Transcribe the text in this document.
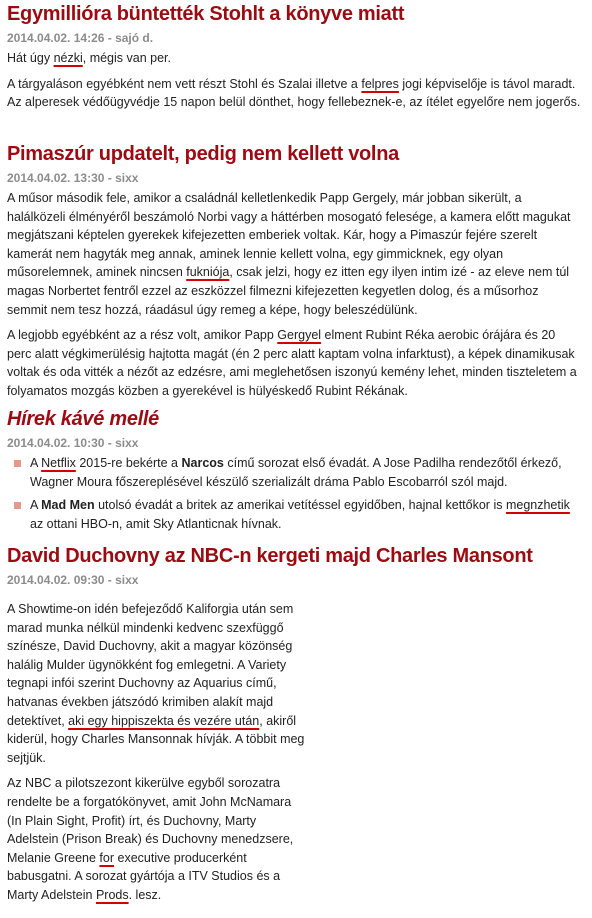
Egymillióra büntették Stohlt a könyve miatt
2014.04.02. 14:26 - sajó d.

Hát úgy nézki, mégis van per.

A tárgyaláson egyébként nem vett részt Stohl és Szalai illetve a felpres jogi képviselője is távol maradt. Az alperesek védőügyvédje 15 napon belül dönthet, hogy fellebeznek-e, az ítélet egyelőre nem jogerős.

Pimaszúr updatelt, pedig nem kellett volna
2014.04.02. 13:30 - sixx

A műsor második fele, amikor a családnál kelletlenkedik Papp Gergely, már jobban sikerült, a halálközeli élményéről beszámoló Norbi vagy a háttérben mosogató felesége, a kamera előtt magukat megjátszani képtelen gyerekek kifejezetten emberiek voltak. Kár, hogy a Pimaszúr fejére szerelt kamerát nem hagyták meg annak, aminek lennie kellett volna, egy gimmicknek, egy olyan műsorelemnek, aminek nincsen fukniója, csak jelzi, hogy ez itten egy ilyen intim izé - az eleve nem túl magas Norbertet fentről ezzel az eszközzel filmezni kifejezetten kegyetlen dolog, és a műsorhoz semmit nem tesz hozzá, ráadásul úgy remeg a képe, hogy beleszédülünk.

A legjobb egyébként az a rész volt, amikor Papp Gergyel elment Rubint Réka aerobic órájára és 20 perc alatt végkimerülésig hajtotta magát (én 2 perc alatt kaptam volna infarktust), a képek dinamikusak voltak és oda vitték a nézőt az edzésre, ami meglehetősen iszonyú kemény lehet, minden tiszteletem a folyamatos mozgás közben a gyerekével is hülyéskedő Rubint Rékának.

Hírek kávé mellé
2014.04.02. 10:30 - sixx
A Netflix 2015-re bekérte a Narcos című sorozat első évadát. A Jose Padilha rendezőtől érkező, Wagner Moura főszereplésével készülő szerializált dráma Pablo Escobarról szól majd.
A Mad Men utolsó évadát a britek az amerikai vetítéssel egyidőben, hajnal kettőkor is megnzhetik az ottani HBO-n, amit Sky Atlanticnak hívnak.
David Duchovny az NBC-n kergeti majd Charles Mansont
2014.04.02. 09:30 - sixx

A Showtime-on idén befejeződő Kaliforgia után sem marad munka nélkül mindenki kedvenc szexfüggő színésze, David Duchovny, akit a magyar közönség halálig Mulder ügynökként fog emlegetni. A Variety tegnapi infói szerint Duchovny az Aquarius című, hatvanas években játszódó krimiben alakít majd detektívet, aki egy hippiszekta és vezére után, akiről kiderül, hogy Charles Mansonnak hívják. A többit meg sejtjük.

Az NBC a pilotszezont kikerülve egyből sorozatra rendelte be a forgatókönyvet, amit John McNamara (In Plain Sight, Profit) írt, és Duchovny, Marty Adelstein (Prison Break) és Duchovny menedzsere, Melanie Greene for executive producerként babusgatni. A sorozat gyártója a ITV Studios és a Marty Adelstein Prods. lesz.
